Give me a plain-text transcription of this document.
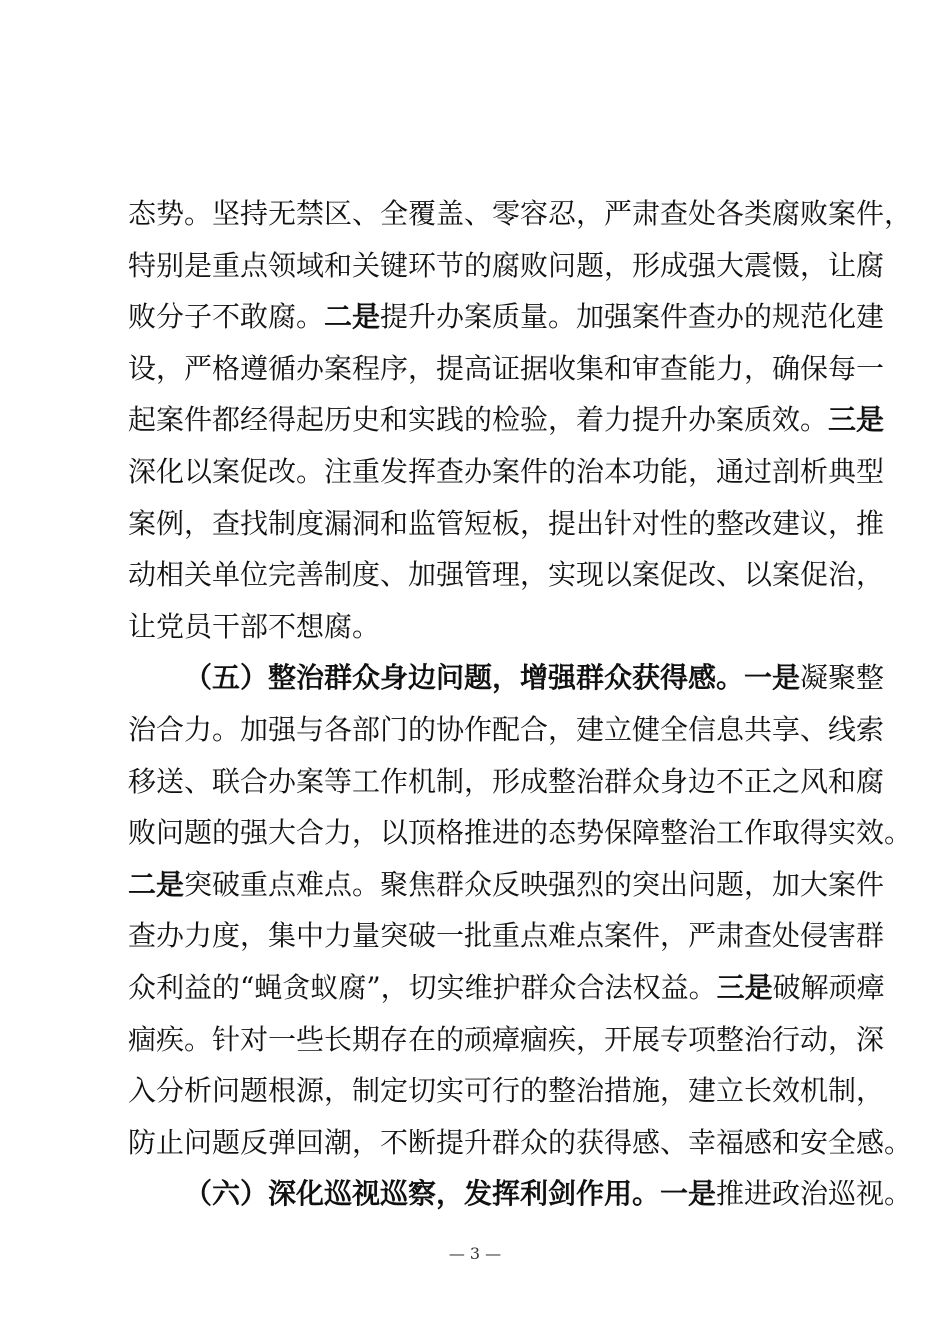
态势。坚持无禁区、全覆盖、零容忍，严肃查处各类腐败案件，
特别是重点领域和关键环节的腐败问题，形成强大震慑，让腐
败分子不敢腐。二是提升办案质量。加强案件查办的规范化建
设，严格遵循办案程序，提高证据收集和审查能力，确保每一
起案件都经得起历史和实践的检验，着力提升办案质效。三是
深化以案促改。注重发挥查办案件的治本功能，通过剖析典型
案例，查找制度漏洞和监管短板，提出针对性的整改建议，推
动相关单位完善制度、加强管理，实现以案促改、以案促治，
让党员干部不想腐。
（五）整治群众身边问题，增强群众获得感。一是凝聚整
治合力。加强与各部门的协作配合，建立健全信息共享、线索
移送、联合办案等工作机制，形成整治群众身边不正之风和腐
败问题的强大合力，以顶格推进的态势保障整治工作取得实效。
二是突破重点难点。聚焦群众反映强烈的突出问题，加大案件
查办力度，集中力量突破一批重点难点案件，严肃查处侵害群
众利益的“蝇贪蚁腐”，切实维护群众合法权益。三是破解顽瘴
痼疾。针对一些长期存在的顽瘴痼疾，开展专项整治行动，深
入分析问题根源，制定切实可行的整治措施，建立长效机制，
防止问题反弹回潮，不断提升群众的获得感、幸福感和安全感。
（六）深化巡视巡察，发挥利剑作用。一是推进政治巡视。
— 3 —
